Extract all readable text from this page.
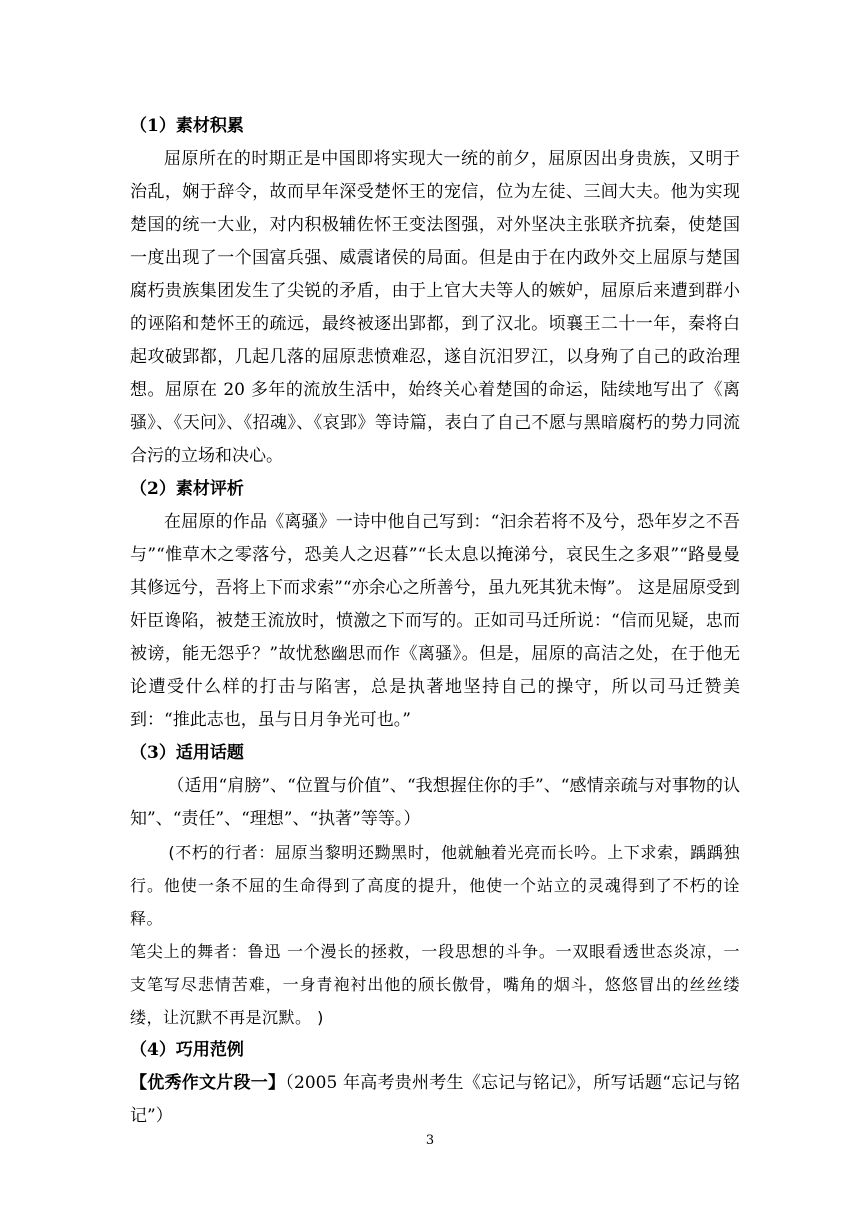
（1）素材积累

屈原所在的时期正是中国即将实现大一统的前夕，屈原因出身贵族，又明于治乱，娴于辞令，故而早年深受楚怀王的宠信，位为左徒、三闾大夫。他为实现楚国的统一大业，对内积极辅佐怀王变法图强，对外坚决主张联齐抗秦，使楚国一度出现了一个国富兵强、威震诸侯的局面。但是由于在内政外交上屈原与楚国腐朽贵族集团发生了尖锐的矛盾，由于上官大夫等人的嫉妒，屈原后来遭到群小的诬陷和楚怀王的疏远，最终被逐出郢都，到了汉北。顷襄王二十一年，秦将白起攻破郢都，几起几落的屈原悲愤难忍，遂自沉汨罗江，以身殉了自己的政治理想。屈原在 20 多年的流放生活中，始终关心着楚国的命运，陆续地写出了《离骚》、《天问》、《招魂》、《哀郢》等诗篇，表白了自己不愿与黑暗腐朽的势力同流合污的立场和决心。

（2）素材评析

在屈原的作品《离骚》一诗中他自己写到：“汩余若将不及兮，恐年岁之不吾与”“惟草木之零落兮，恐美人之迟暮”“长太息以掩涕兮，哀民生之多艰”“路曼曼其修远兮，吾将上下而求索”“亦余心之所善兮，虽九死其犹未悔”。 这是屈原受到奸臣谗陷，被楚王流放时，愤激之下而写的。正如司马迁所说：“信而见疑，忠而被谤，能无怨乎？”故忧愁幽思而作《离骚》。但是，屈原的高洁之处，在于他无论遭受什么样的打击与陷害，总是执著地坚持自己的操守，所以司马迁赞美到：“推此志也，虽与日月争光可也。”

（3）适用话题

（适用“肩膀”、“位置与价值”、“我想握住你的手”、“感情亲疏与对事物的认知”、“责任”、“理想”、“执著”等等。）

(不朽的行者：屈原当黎明还黝黑时，他就触着光亮而长吟。上下求索，踽踽独行。他使一条不屈的生命得到了高度的提升，他使一个站立的灵魂得到了不朽的诠释。

笔尖上的舞者：鲁迅 一个漫长的拯救，一段思想的斗争。一双眼看透世态炎凉，一支笔写尽悲情苦难，一身青袍衬出他的颀长傲骨，嘴角的烟斗，悠悠冒出的丝丝缕缕，让沉默不再是沉默。 )

（4）巧用范例

【优秀作文片段一】（2005 年高考贵州考生《忘记与铭记》，所写话题“忘记与铭记”）

3
